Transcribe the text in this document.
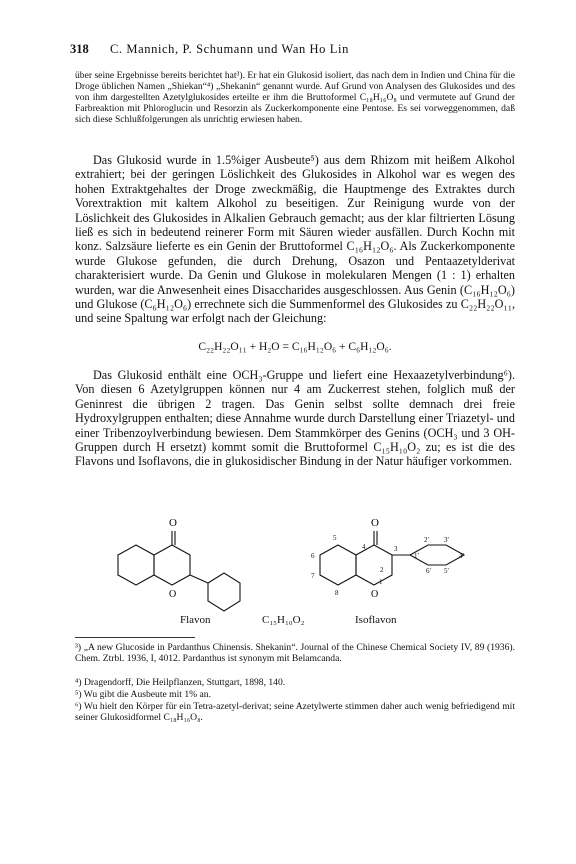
318 C. Mannich, P. Schumann und Wan Ho Lin
über seine Ergebnisse bereits berichtet hat³). Er hat ein Glukosid isoliert, das nach dem in Indien und China für die Droge üblichen Namen „Shiekan“⁴) „Shekanin“ genannt wurde. Auf Grund von Analysen des Glukosides und des von ihm dargestellten Azetylglukosides erteilte er ihm die Bruttoformel C₁₈H₁₆O₈ und vermutete auf Grund der Farbreaktion mit Phloroglucin und Resorzin als Zuckerkomponente eine Pentose. Es sei vorweggenommen, daß sich diese Schlußfolgerungen als unrichtig erwiesen haben.
Das Glukosid wurde in 1.5%iger Ausbeute⁵) aus dem Rhizom mit heißem Alkohol extrahiert; bei der geringen Löslichkeit des Glukosides in Alkohol war es wegen des hohen Extraktgehaltes der Droge zweckmäßig, die Hauptmenge des Extraktes durch Vorextraktion mit kaltem Alkohol zu beseitigen. Zur Reinigung wurde von der Löslichkeit des Glukosides in Alkalien Gebrauch gemacht; aus der klar filtrierten Lösung ließ es sich in bedeutend reinerer Form mit Säuren wieder ausfällen. Durch Kochn mit konz. Salzsäure lieferte es ein Genin der Bruttoformel C₁₆H₁₂O₆. Als Zuckerkomponente wurde Glukose gefunden, die durch Drehung, Osazon und Pentaazetylderivat charakterisiert wurde. Da Genin und Glukose in molekularen Mengen (1 : 1) erhalten wurden, war die Anwesenheit eines Disaccharides ausgeschlossen. Aus Genin (C₁₆H₁₂O₆) und Glukose (C₆H₁₂O₆) errechnete sich die Summenformel des Glukosides zu C₂₂H₂₂O₁₁, und seine Spaltung war erfolgt nach der Gleichung:
C₂₂H₂₂O₁₁ + H₂O = C₁₆H₁₂O₆ + C₆H₁₂O₆.
Das Glukosid enthält eine OCH₃-Gruppe und liefert eine Hexaazetylverbindung⁶). Von diesen 6 Azetylgruppen können nur 4 am Zuckerrest stehen, folglich muß der Geninrest die übrigen 2 tragen. Das Genin selbst sollte demnach drei freie Hydroxylgruppen enthalten; diese Annahme wurde durch Darstellung einer Triazetyl- und einer Tribenzoylverbindung bewiesen. Dem Stammkörper des Genins (OCH₃ und 3 OH-Gruppen durch H ersetzt) kommt somit die Bruttoformel C₁₅H₁₀O₂ zu; es ist die des Flavons und Isoflavons, die in glukosidischer Bindung in der Natur häufiger vorkommen.
O
O
O
O
5
4	3
2
6
7
8
1
2′ 3′
1′	4′
6′ 5′
Flavon	C₁₅H₁₀O₂	Isoflavon
³) „A new Glucoside in Pardanthus Chinensis. Shekanin“. Journal of the Chinese Chemical Society IV, 89 (1936). Chem. Ztrbl. 1936, I, 4012. Pardanthus ist synonym mit Belamcanda.
⁴) Dragendorff, Die Heilpflanzen, Stuttgart, 1898, 140.
⁵) Wu gibt die Ausbeute mit 1% an.
⁶) Wu hielt den Körper für ein Tetra-azetyl-derivat; seine Azetylwerte stimmen daher auch wenig befriedigend mit seiner Glukosidformel C₁₈H₁₆O₈.
